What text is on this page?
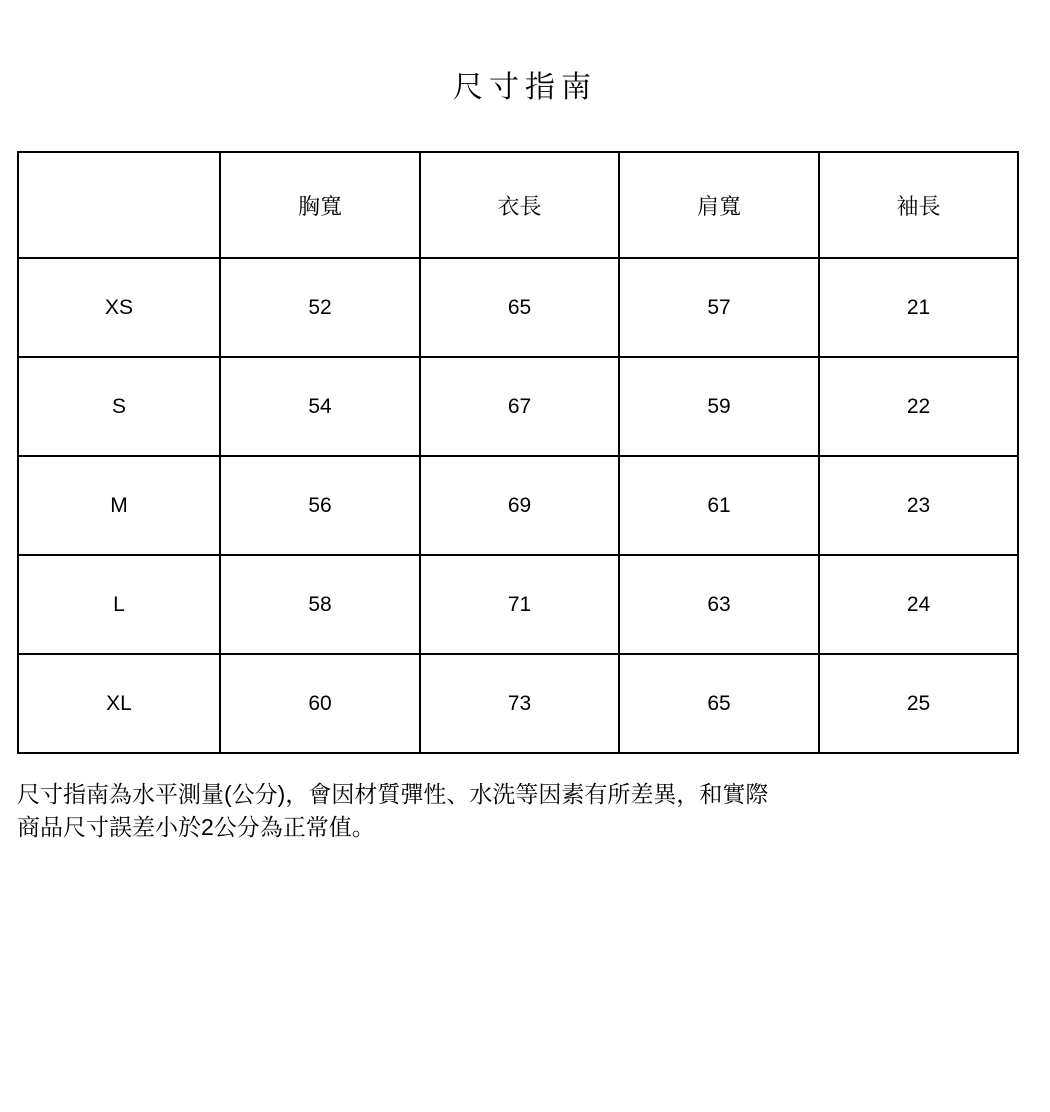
尺寸指南
	胸寬	衣長	肩寬	袖長
XS	52	65	57	21
S	54	67	59	22
M	56	69	61	23
L	58	71	63	24
XL	60	73	65	25
尺寸指南為水平測量(公分)，會因材質彈性、水洗等因素有所差異，和實際
商品尺寸誤差小於2公分為正常值。
